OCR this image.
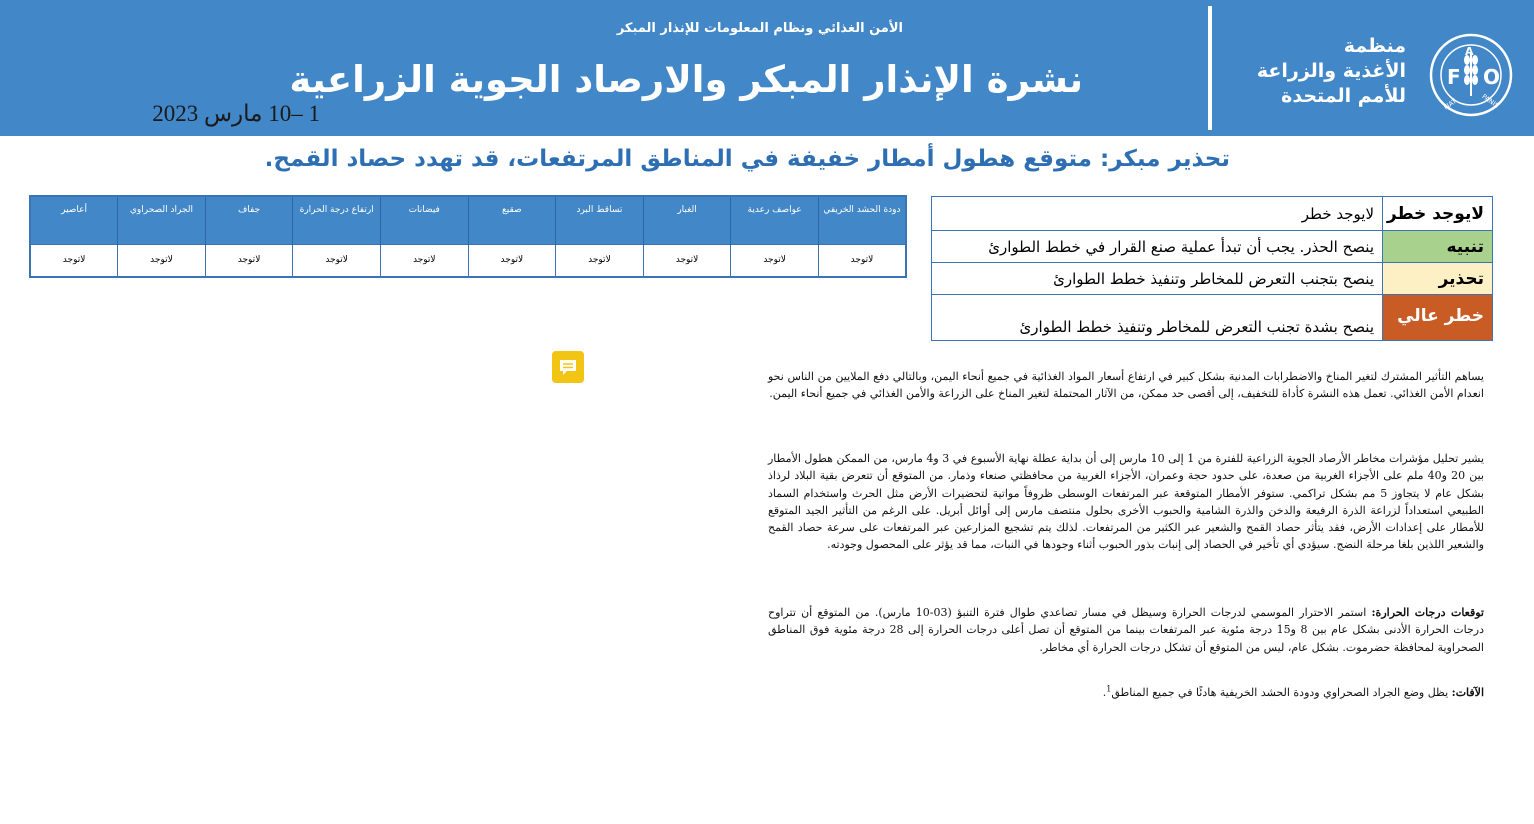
F
A
O
FIAT	PANIS
منظمة
الأغذية والزراعة
للأمم المتحدة
الأمن الغذائي ونظام المعلومات للإنذار المبكر
نشرة الإنذار المبكر والارصاد الجوية الزراعية
1 –10 مارس 2023
تحذير مبكر: متوقع هطول أمطار خفيفة في المناطق المرتفعات، قد تهدد حصاد القمح.
دودة الحشد الخريفي	عواصف رعدية	الغبار	تساقط البرد	صقيع	فيضانات	ارتفاع درجة الحرارة	جفاف	الجراد الصحراوي	أعاصير
لاتوجد	لاتوجد	لاتوجد	لاتوجد	لاتوجد	لاتوجد	لاتوجد	لاتوجد	لاتوجد	لاتوجد
لايوجد خطر	لايوجد خطر
تنبيه	ينصح الحذر. يجب أن تبدأ عملية صنع القرار في خطط الطوارئ
تحذير	ينصح بتجنب التعرض للمخاطر وتنفيذ خطط الطوارئ
خطر عالي	ينصح بشدة تجنب التعرض للمخاطر وتنفيذ خطط الطوارئ

يساهم التأثير المشترك لتغير المناخ والاضطرابات المدنية بشكل كبير في ارتفاع أسعار المواد الغذائية في جميع أنحاء اليمن، وبالتالي دفع الملايين من الناس نحو انعدام الأمن الغذائي. تعمل هذه النشرة كأداة للتخفيف، إلى أقصى حد ممكن، من الآثار المحتملة لتغير المناخ على الزراعة والأمن الغذائي في جميع أنحاء اليمن.

يشير تحليل مؤشرات مخاطر الأرصاد الجوية الزراعية للفترة من 1 إلى 10 مارس إلى أن بداية عطلة نهاية الأسبوع في 3 و4 مارس، من الممكن هطول الأمطار بين 20 و40 ملم على الأجزاء الغربية من صعدة، على حدود حجة وعمران، الأجزاء الغربية من محافظتي صنعاء وذمار. من المتوقع أن تتعرض بقية البلاد لرذاذ بشكل عام لا يتجاوز 5 مم بشكل تراكمي. ستوفر الأمطار المتوقعة عبر المرتفعات الوسطى ظروفاً مواتية لتحضيرات الأرض مثل الحرث واستخدام السماد الطبيعي استعداداً لزراعة الذرة الرفيعة والدخن والذرة الشامية والحبوب الأخرى بحلول منتصف مارس إلى أوائل أبريل. على الرغم من التأثير الجيد المتوقع للأمطار على إعدادات الأرض، فقد يتأثر حصاد القمح والشعير عبر الكثير من المرتفعات. لذلك يتم تشجيع المزارعين عبر المرتفعات على سرعة حصاد القمح والشعير اللذين بلغا مرحلة النضج. سيؤدي أي تأخير في الحصاد إلى إنبات بذور الحبوب أثناء وجودها في النبات، مما قد يؤثر على المحصول وجودته.

توقعات درجات الحرارة: استمر الاحترار الموسمي لدرجات الحرارة وسيظل في مسار تصاعدي طوال فترة التنبؤ (03-10 مارس). من المتوقع أن تتراوح درجات الحرارة الأدنى بشكل عام بين 8 و15 درجة مئوية عبر المرتفعات بينما من المتوقع أن تصل أعلى درجات الحرارة إلى 28 درجة مئوية فوق المناطق الصحراوية لمحافظة حضرموت. بشكل عام، ليس من المتوقع أن تشكل درجات الحرارة أي مخاطر.

الآفات: يظل وضع الجراد الصحراوي ودودة الحشد الخريفية هادئًا في جميع المناطق$^1$.
